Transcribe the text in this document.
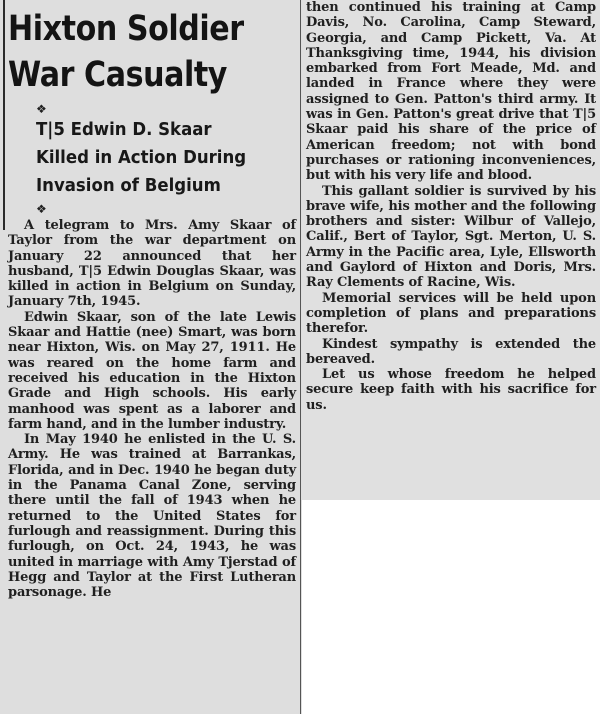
Hixton Soldier
War Casualty
❖
T|5 Edwin D. Skaar
Killed in Action During
Invasion of Belgium
❖

A telegram to Mrs. Amy Skaar of Taylor from the war department on January 22 announced that her husband, T|5 Edwin Douglas Skaar, was killed in action in Belgium on Sunday, January 7th, 1945.

Edwin Skaar, son of the late Lewis Skaar and Hattie (nee) Smart, was born near Hixton, Wis. on May 27, 1911. He was reared on the home farm and received his education in the Hixton Grade and High schools. His early manhood was spent as a laborer and farm hand, and in the lumber industry.

In May 1940 he enlisted in the U. S. Army. He was trained at Barrankas, Florida, and in Dec. 1940 he began duty in the Panama Canal Zone, serving there until the fall of 1943 when he returned to the United States for furlough and reassignment. During this furlough, on Oct. 24, 1943, he was united in marriage with Amy Tjerstad of Hegg and Taylor at the First Lutheran parsonage. He

then continued his training at Camp Davis, No. Carolina, Camp Steward, Georgia, and Camp Pickett, Va. At Thanksgiving time, 1944, his division embarked from Fort Meade, Md. and landed in France where they were assigned to Gen. Patton's third army. It was in Gen. Patton's great drive that T|5 Skaar paid his share of the price of American freedom; not with bond purchases or rationing inconveniences, but with his very life and blood.

This gallant soldier is survived by his brave wife, his mother and the following brothers and sister: Wilbur of Vallejo, Calif., Bert of Taylor, Sgt. Merton, U. S. Army in the Pacific area, Lyle, Ellsworth and Gaylord of Hixton and Doris, Mrs. Ray Clements of Racine, Wis.

Memorial services will be held upon completion of plans and preparations therefor.

Kindest sympathy is extended the bereaved.

Let us whose freedom he helped secure keep faith with his sacrifice for us.
